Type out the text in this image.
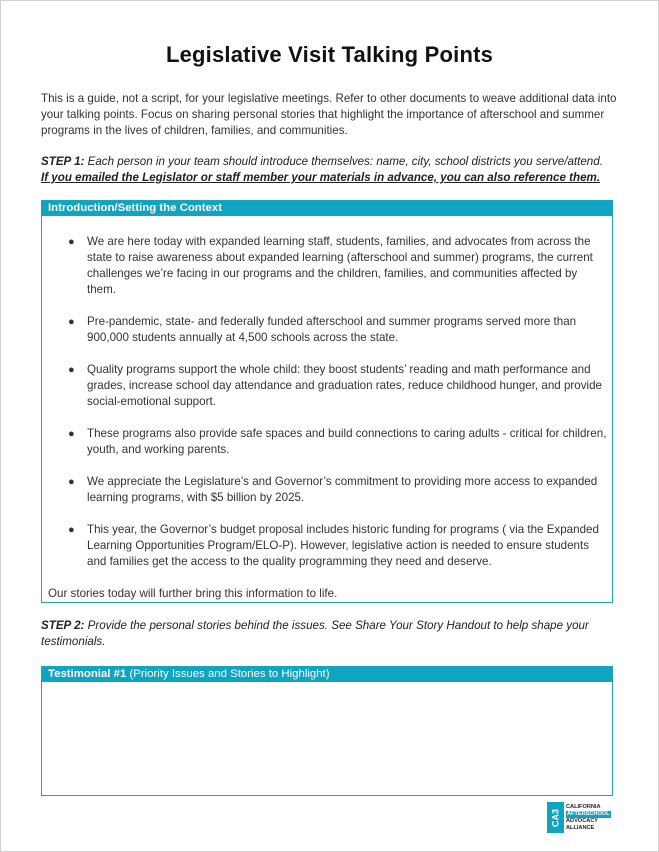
Legislative Visit Talking Points
This is a guide, not a script, for your legislative meetings. Refer to other documents to weave additional data into your talking points. Focus on sharing personal stories that highlight the importance of afterschool and summer programs in the lives of children, families, and communities.
STEP 1: Each person in your team should introduce themselves: name, city, school districts you serve/attend.
If you emailed the Legislator or staff member your materials in advance, you can also reference them.
Introduction/Setting the Context
● We are here today with expanded learning staff, students, families, and advocates from across the state to raise awareness about expanded learning (afterschool and summer) programs, the current challenges we’re facing in our programs and the children, families, and communities affected by them.
● Pre-pandemic, state- and federally funded afterschool and summer programs served more than 900,000 students annually at 4,500 schools across the state.
● Quality programs support the whole child: they boost students’ reading and math performance and grades, increase school day attendance and graduation rates, reduce childhood hunger, and provide social-emotional support.
● These programs also provide safe spaces and build connections to caring adults - critical for children, youth, and working parents.
● We appreciate the Legislature’s and Governor’s commitment to providing more access to expanded learning programs, with $5 billion by 2025.
● This year, the Governor’s budget proposal includes historic funding for programs ( via the Expanded Learning Opportunities Program/ELO-P). However, legislative action is needed to ensure students and families get the access to the quality programming they need and deserve.
Our stories today will further bring this information to life.
STEP 2: Provide the personal stories behind the issues. See Share Your Story Handout to help shape your testimonials.
Testimonial #1 (Priority Issues and Stories to Highlight)
CA3
CALIFORNIA
AFTERSCHOOL
ADVOCACY
ALLIANCE
